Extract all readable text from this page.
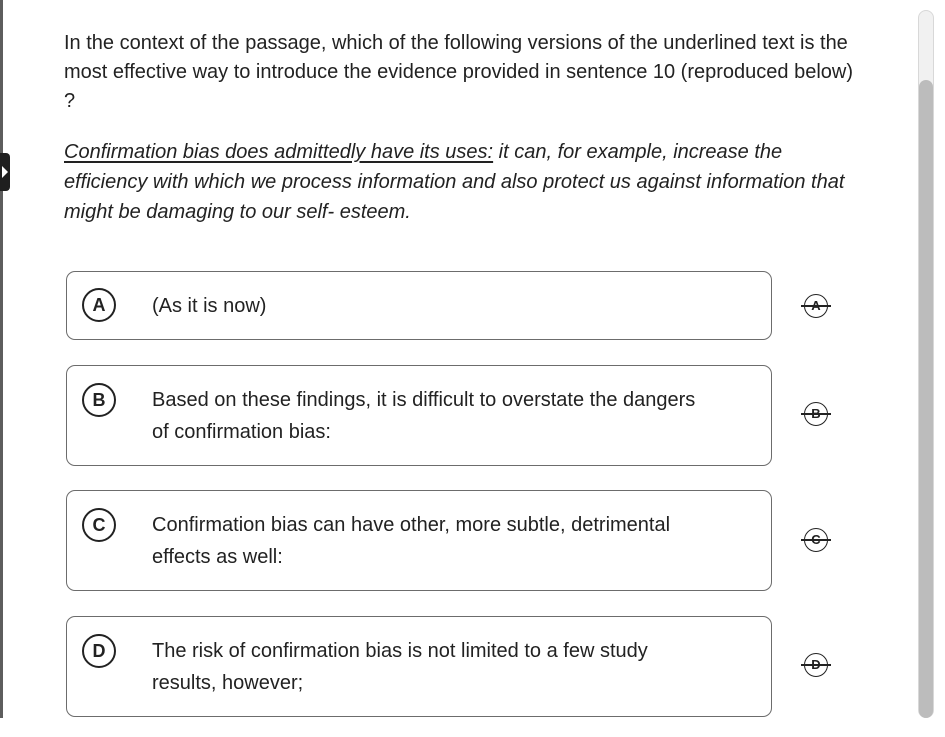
In the context of the passage, which of the following versions of the underlined text is the most effective way to introduce the evidence provided in sentence 10 (reproduced below) ?
Confirmation bias does admittedly have its uses: it can, for example, increase the efficiency with which we process information and also protect us against information that might be damaging to our self- esteem.
A	(As it is now)
B	Based on these findings, it is difficult to overstate the dangers of confirmation bias:
C	Confirmation bias can have other, more subtle, detrimental effects as well:
D	The risk of confirmation bias is not limited to a few study results, however;
